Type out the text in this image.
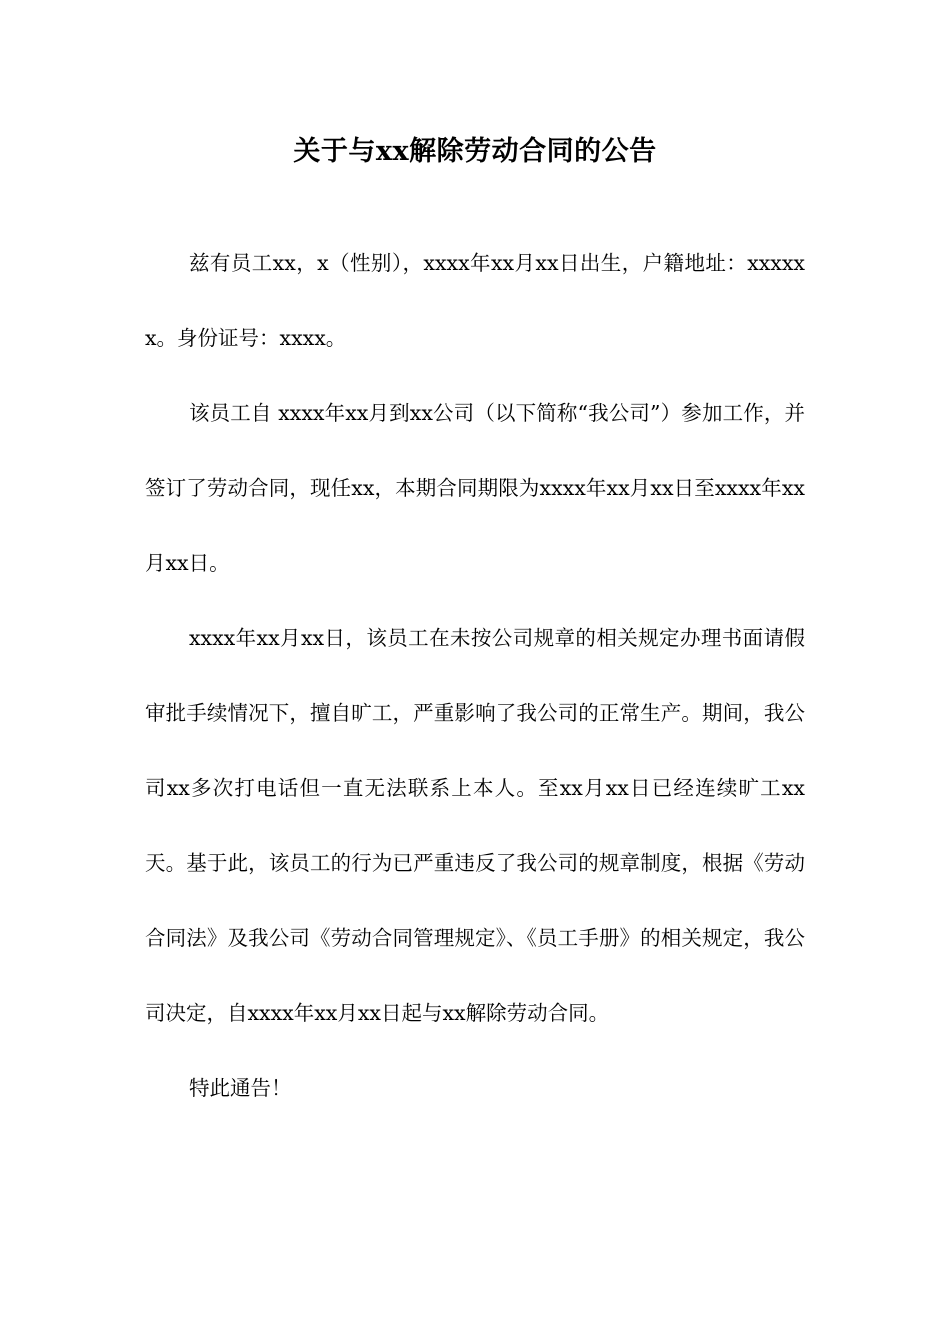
关于与xx解除劳动合同的公告

兹有员工xx，x（性别），xxxx年xx月xx日出生，户籍地址：xxxxxx。身份证号：xxxx。

该员工自 xxxx年xx月到xx公司（以下简称“我公司”）参加工作，并签订了劳动合同，现任xx，本期合同期限为xxxx年xx月xx日至xxxx年xx月xx日。

xxxx年xx月xx日，该员工在未按公司规章的相关规定办理书面请假审批手续情况下，擅自旷工，严重影响了我公司的正常生产。期间，我公司xx多次打电话但一直无法联系上本人。至xx月xx日已经连续旷工xx天。基于此，该员工的行为已严重违反了我公司的规章制度，根据《劳动合同法》及我公司《劳动合同管理规定》、《员工手册》的相关规定，我公司决定，自xxxx年xx月xx日起与xx解除劳动合同。

特此通告！
